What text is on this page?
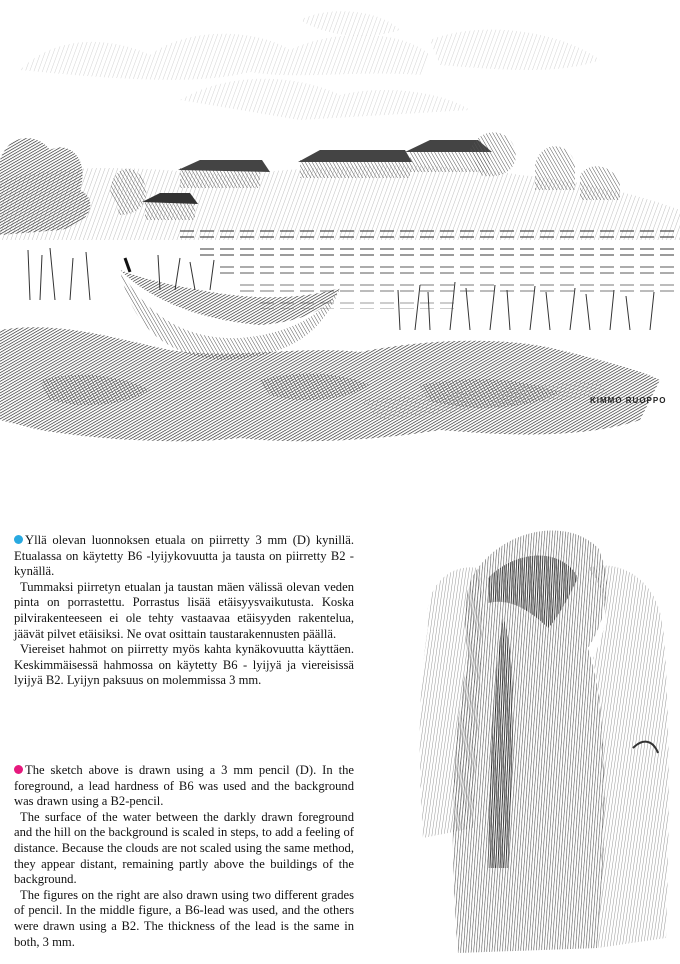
KIMMO RUOPPO

Yllä olevan luonnoksen etuala on piirretty 3 mm (D) kynillä. Etualassa on käytetty B6 -lyijykovuutta ja tausta on piirretty B2 -kynällä.

Tummaksi piirretyn etualan ja taustan mäen välissä olevan veden pinta on porrastettu. Porrastus lisää etäisyysvaikutusta. Koska pilvirakenteeseen ei ole tehty vastaavaa etäisyyden rakentelua, jäävät pilvet etäisiksi. Ne ovat osittain taustarakennusten päällä.

Viereiset hahmot on piirretty myös kahta kynäkovuutta käyttäen. Keskimmäisessä hahmossa on käytetty B6 - lyijyä ja viereisissä lyijyä B2. Lyijyn paksuus on molemmissa 3 mm.

The sketch above is drawn using a 3 mm pencil (D). In the foreground, a lead hardness of B6 was used and the background was drawn using a B2-pencil.

The surface of the water between the darkly drawn foreground and the hill on the background is scaled in steps, to add a feeling of distance. Because the clouds are not scaled using the same method, they appear distant, remaining partly above the buildings of the background.

The figures on the right are also drawn using two different grades of pencil. In the middle figure, a B6-lead was used, and the others were drawn using a B2. The thickness of the lead is the same in both, 3 mm.
